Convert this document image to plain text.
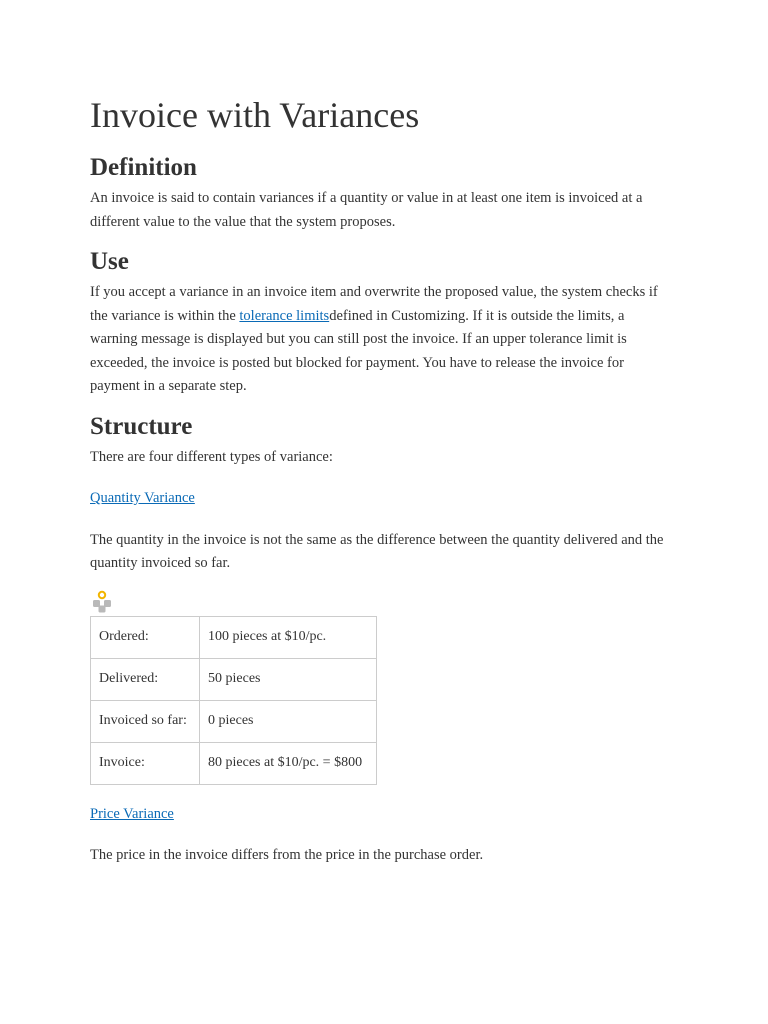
Invoice with Variances
Definition

An invoice is said to contain variances if a quantity or value in at least one item is invoiced at a different value to the value that the system proposes.

Use

If you accept a variance in an invoice item and overwrite the proposed value, the system checks if the variance is within the tolerance limitsdefined in Customizing. If it is outside the limits, a warning message is displayed but you can still post the invoice. If an upper tolerance limit is exceeded, the invoice is posted but blocked for payment. You have to release the invoice for payment in a separate step.

Structure

There are four different types of variance:

Quantity Variance

The quantity in the invoice is not the same as the difference between the quantity delivered and the quantity invoiced so far.

Ordered:	100 pieces at $10/pc.
Delivered:	50 pieces
Invoiced so far:	0 pieces
Invoice:	80 pieces at $10/pc. = $800

Price Variance

The price in the invoice differs from the price in the purchase order.
